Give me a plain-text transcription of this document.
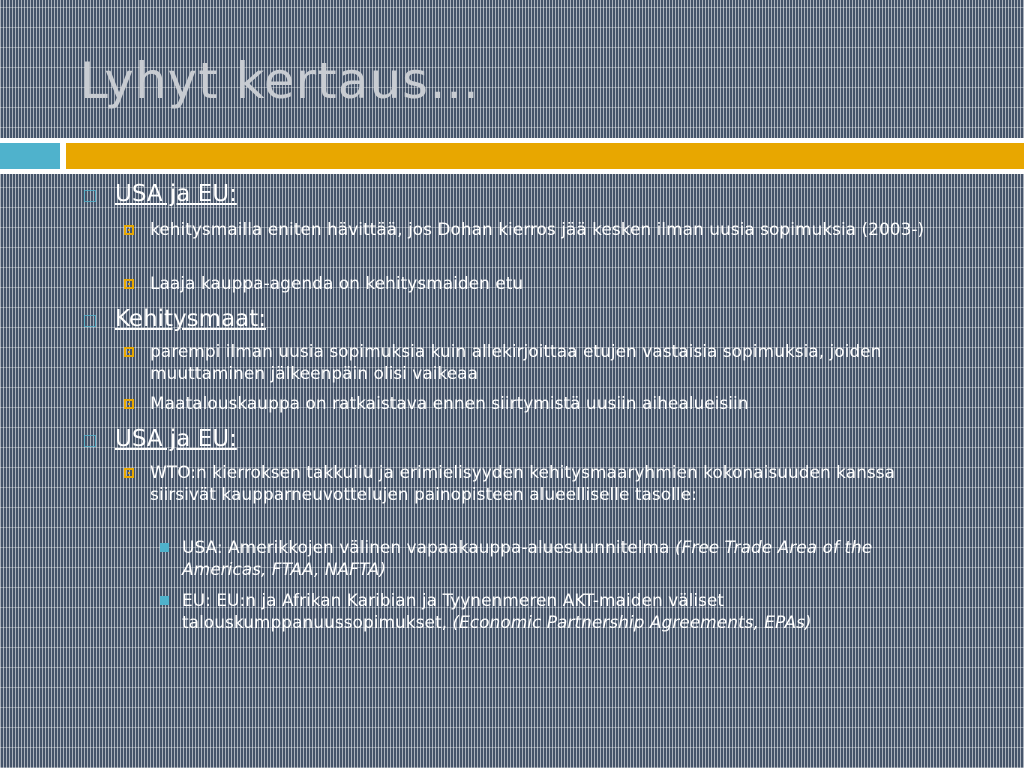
Lyhyt kertaus…
USA ja EU:
kehitysmailla eniten hävittää, jos Dohan kierros jää kesken ilman uusia sopimuksia (2003-)
Laaja kauppa-agenda on kehitysmaiden etu
Kehitysmaat:
parempi ilman uusia sopimuksia kuin allekirjoittaa etujen vastaisia sopimuksia, joiden muuttaminen jälkeenpäin olisi vaikeaa
Maatalouskauppa on ratkaistava ennen siirtymistä uusiin aihealueisiin
USA ja EU:
WTO:n kierroksen takkuilu ja erimielisyyden kehitysmaaryhmien kokonaisuuden kanssa siirsivät kaupparneuvottelujen painopisteen alueelliselle tasolle:
USA: Amerikkojen välinen vapaakauppa-aluesuunnitelma (Free Trade Area of the Americas, FTAA, NAFTA)
EU: EU:n ja Afrikan Karibian ja Tyynenmeren AKT-maiden väliset talouskumppanuussopimukset, (Economic Partnership Agreements, EPAs)
